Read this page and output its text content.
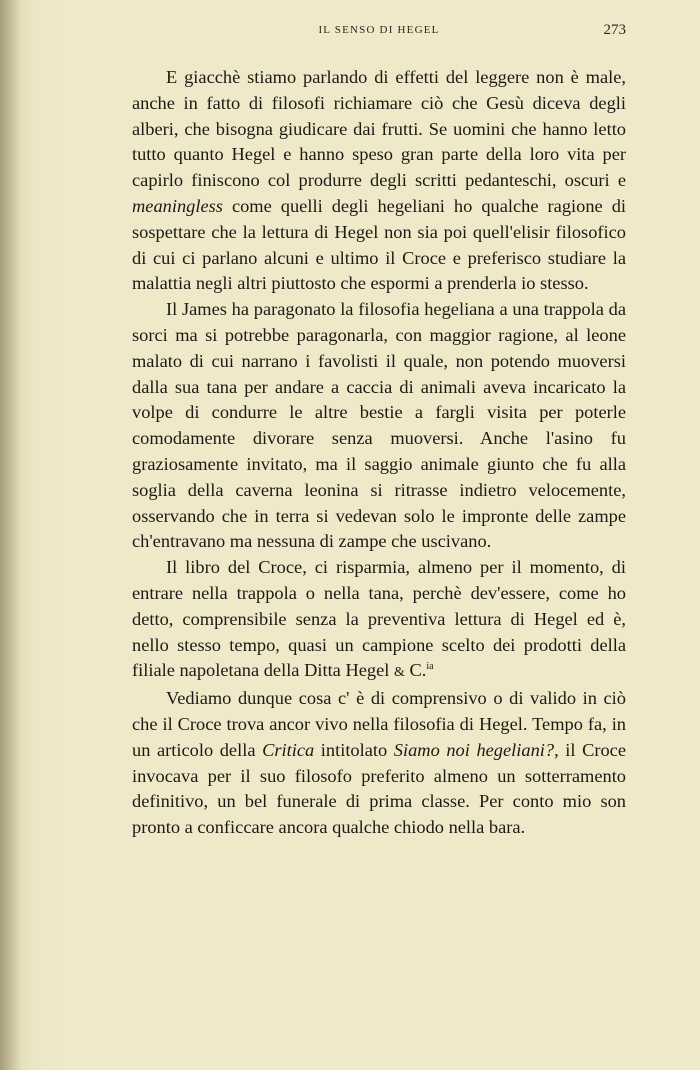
IL SENSO DI HEGEL	273

E giacchè stiamo parlando di effetti del leggere non è male, anche in fatto di filosofi richiamare ciò che Gesù diceva degli alberi, che bisogna giudicare dai frutti. Se uomini che hanno letto tutto quanto Hegel e hanno speso gran parte della loro vita per capirlo finiscono col produrre degli scritti pedanteschi, oscuri e meaningless come quelli degli hegeliani ho qualche ragione di sospettare che la lettura di Hegel non sia poi quell'elisir filosofico di cui ci parlano alcuni e ultimo il Croce e preferisco studiare la malattia negli altri piuttosto che espormi a prenderla io stesso.

Il James ha paragonato la filosofia hegeliana a una trappola da sorci ma si potrebbe paragonarla, con maggior ragione, al leone malato di cui narrano i favolisti il quale, non potendo muoversi dalla sua tana per andare a caccia di animali aveva incaricato la volpe di condurre le altre bestie a fargli visita per poterle comodamente divorare senza muoversi. Anche l'asino fu graziosamente invitato, ma il saggio animale giunto che fu alla soglia della caverna leonina si ritrasse indietro velocemente, osservando che in terra si vedevan solo le impronte delle zampe ch'entravano ma nessuna di zampe che uscivano.

Il libro del Croce, ci risparmia, almeno per il momento, di entrare nella trappola o nella tana, perchè dev'essere, come ho detto, comprensibile senza la preventiva lettura di Hegel ed è, nello stesso tempo, quasi un campione scelto dei prodotti della filiale napoletana della Ditta Hegel & C.$^{ia}$

Vediamo dunque cosa c' è di comprensivo o di valido in ciò che il Croce trova ancor vivo nella filosofia di Hegel. Tempo fa, in un articolo della Critica intitolato Siamo noi hegeliani?, il Croce invocava per il suo filosofo preferito almeno un sotterramento definitivo, un bel funerale di prima classe. Per conto mio son pronto a conficcare ancora qualche chiodo nella bara.
